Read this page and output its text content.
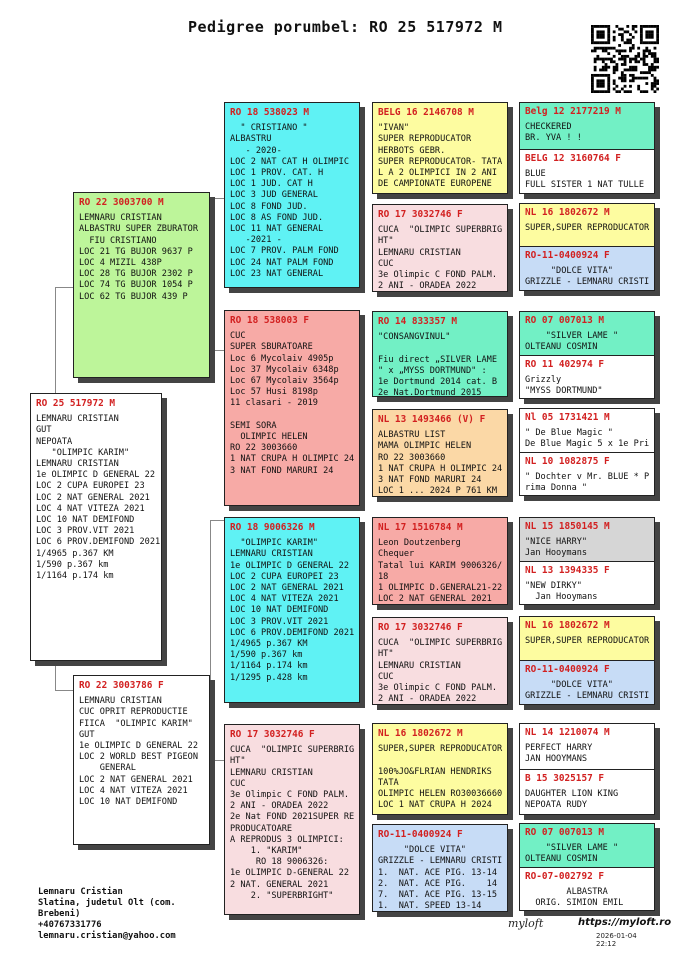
Pedigree porumbel: RO 25 517972 M
RO 25 517972 M
LEMNARU CRISTIAN
GUT
NEPOATA
"OLIMPIC KARIM"
LEMNARU CRISTIAN
1e OLIMPIC D GENERAL 22
LOC 2 CUPA EUROPEI 23
LOC 2 NAT GENERAL 2021
LOC 4 NAT VITEZA 2021
LOC 10 NAT DEMIFOND
LOC 3 PROV.VIT 2021
LOC 6 PROV.DEMIFOND 2021
1/4965 p.367 KM
1/590 p.367 km
1/1164 p.174 km
RO 22 3003700 M
LEMNARU CRISTIAN
ALBASTRU SUPER ZBURATOR
FIU CRISTIANO
LOC 21 TG BUJOR 9637 P
LOC 4 MIZIL 438P
LOC 28 TG BUJOR 2302 P
LOC 74 TG BUJOR 1054 P
LOC 62 TG BUJOR 439 P
RO 22 3003786 F
LEMNARU CRISTIAN
CUC OPRIT REPRODUCTIE
FIICA  "OLIMPIC KARIM"
GUT
1e OLIMPIC D GENERAL 22
LOC 2 WORLD BEST PIGEON
GENERAL
LOC 2 NAT GENERAL 2021
LOC 4 NAT VITEZA 2021
LOC 10 NAT DEMIFOND
RO 18 538023 M
" CRISTIANO "
ALBASTRU
- 2020-
LOC 2 NAT CAT H OLIMPIC
LOC 1 PROV. CAT. H
LOC 1 JUD. CAT H
LOC 3 JUD GENERAL
LOC 8 FOND JUD.
LOC 8 AS FOND JUD.
LOC 11 NAT GENERAL
-2021 -
LOC 7 PROV. PALM FOND
LOC 24 NAT PALM FOND
LOC 23 NAT GENERAL
RO 18 538003 F
CUC
SUPER SBURATOARE
Loc 6 Mycolaiv 4905p
Loc 37 Mycolaiv 6348p
Loc 67 Mycolaiv 3564p
Loc 57 Husi 8198p
11 clasari - 2019

SEMI SORA
OLIMPIC HELEN
RO 22 3003660
1 NAT CRUPA H OLIMPIC 24
3 NAT FOND MARURI 24
RO 18 9006326 M
"OLIMPIC KARIM"
LEMNARU CRISTIAN
1e OLIMPIC D GENERAL 22
LOC 2 CUPA EUROPEI 23
LOC 2 NAT GENERAL 2021
LOC 4 NAT VITEZA 2021
LOC 10 NAT DEMIFOND
LOC 3 PROV.VIT 2021
LOC 6 PROV.DEMIFOND 2021
1/4965 p.367 KM
1/590 p.367 km
1/1164 p.174 km
1/1295 p.428 km
RO 17 3032746 F
CUCA  "OLIMPIC SUPERBRIG
HT"
LEMNARU CRISTIAN
CUC
3e Olimpic C FOND PALM.
2 ANI - ORADEA 2022
2e Nat FOND 2021SUPER RE
PRODUCATOARE
A REPRODUS 3 OLIMPICI:
1. "KARIM"
RO 18 9006326:
1e OLIMPIC D-GENERAL 22
2 NAT. GENERAL 2021
2. "SUPERBRIGHT"
BELG 16 2146708 M
"IVAN"
SUPER REPRODUCATOR
HERBOTS GEBR.
SUPER REPRODUCATOR- TATA
L A 2 OLIMPICI IN 2 ANI
DE CAMPIONATE EUROPENE
RO 17 3032746 F
CUCA  "OLIMPIC SUPERBRIG
HT"
LEMNARU CRISTIAN
CUC
3e Olimpic C FOND PALM.
2 ANI - ORADEA 2022
RO 14 833357 M
"CONSANGVINUL"

Fiu direct „SILVER LAME
" x „MYSS DORTMUND" :
1e Dortmund 2014 cat. B
2e Nat.Dortmund 2015
NL 13 1493466 (V) F
ALBASTRU LIST
MAMA OLIMPIC HELEN
RO 22 3003660
1 NAT CRUPA H OLIMPIC 24
3 NAT FOND MARURI 24
LOC 1 ... 2024 P 761 KM
NL 17 1516784 M
Leon Doutzenberg
Chequer
Tatal lui KARIM 9006326/
18
1 OLIMPIC D.GENERAL21-22
LOC 2 NAT GENERAL 2021
RO 17 3032746 F
CUCA  "OLIMPIC SUPERBRIG
HT"
LEMNARU CRISTIAN
CUC
3e Olimpic C FOND PALM.
2 ANI - ORADEA 2022
NL 16 1802672 M
SUPER,SUPER REPRODUCATOR

100%JO&FLRIAN HENDRIKS
TATA
OLIMPIC HELEN RO30036660
LOC 1 NAT CRUPA H 2024
RO-11-0400924 F
"DOLCE VITA"
GRIZZLE - LEMNARU CRISTI
1.  NAT. ACE PIG. 13-14
2.  NAT. ACE PIG.    14
7.  NAT. ACE PIG. 13-15
1.  NAT. SPEED 13-14
Belg 12 2177219 M
CHECKERED
BR. YVA ! !
BELG 12 3160764 F
BLUE
FULL SISTER 1 NAT TULLE
NL 16 1802672 M
SUPER,SUPER REPRODUCATOR
RO-11-0400924 F
"DOLCE VITA"
GRIZZLE - LEMNARU CRISTI
RO 07 007013 M
"SILVER LAME "
OLTEANU COSMIN
RO 11 402974 F
Grizzly
"MYSS DORTMUND"
Nl 05 1731421 M
" De Blue Magic "
De Blue Magic 5 x 1e Pri
NL 10 1082875 F
" Dochter v Mr. BLUE * P
rima Donna "
NL 15 1850145 M
"NICE HARRY"
Jan Hooymans
NL 13 1394335 F
"NEW DIRKY"
Jan Hooymans
NL 16 1802672 M
SUPER,SUPER REPRODUCATOR
RO-11-0400924 F
"DOLCE VITA"
GRIZZLE - LEMNARU CRISTI
NL 14 1210074 M
PERFECT HARRY
JAN HOOYMANS
B 15 3025157 F
DAUGHTER LION KING
NEPOATA RUDY
RO 07 007013 M
"SILVER LAME "
OLTEANU COSMIN
RO-07-002792 F
ALBASTRA
ORIG. SIMION EMIL
Lemnaru Cristian
Slatina, judetul Olt (com.
Brebeni)
+40767331776
lemnaru.cristian@yahoo.com
myloft	https://myloft.ro
2026-01-04 22:12
